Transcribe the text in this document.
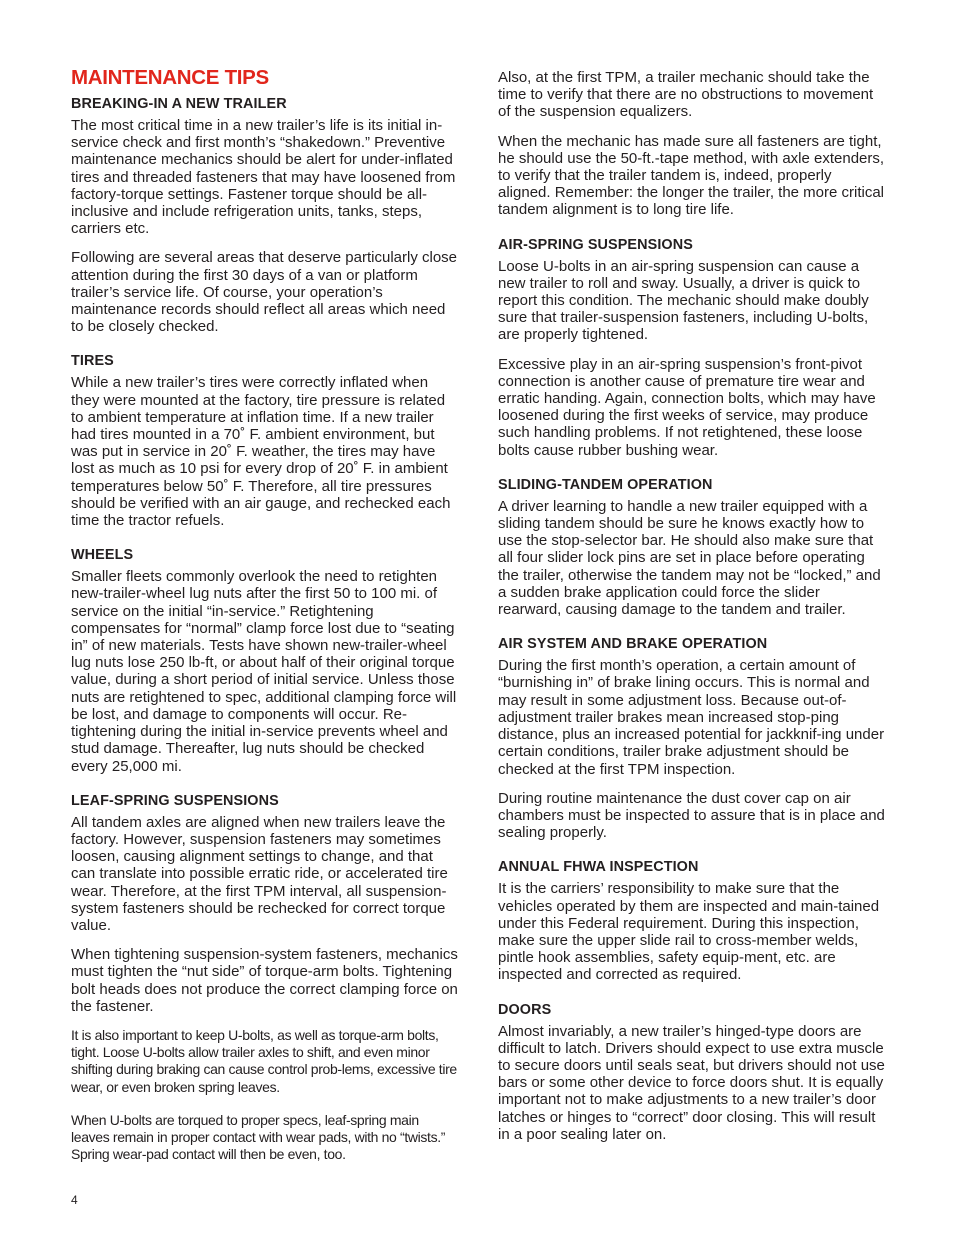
MAINTENANCE TIPS
BREAKING-IN A NEW TRAILER

The most critical time in a new trailer’s life is its initial in-service check and first month’s “shakedown.” Preventive maintenance mechanics should be alert for under-inflated tires and threaded fasteners that may have loosened from factory-torque settings. Fastener torque should be all-inclusive and include refrigeration units, tanks, steps, carriers etc.

Following are several areas that deserve particularly close attention during the first 30 days of a van or platform trailer’s service life. Of course, your operation’s maintenance records should reflect all areas which need to be closely checked.

TIRES

While a new trailer’s tires were correctly inflated when they were mounted at the factory, tire pressure is related to ambient temperature at inflation time. If a new trailer had tires mounted in a 70˚ F. ambient environment, but was put in service in 20˚ F. weather, the tires may have lost as much as 10 psi for every drop of 20˚ F. in ambient temperatures below 50˚ F. Therefore, all tire pressures should be verified with an air gauge, and rechecked each time the tractor refuels.

WHEELS

Smaller fleets commonly overlook the need to retighten new-trailer-wheel lug nuts after the first 50 to 100 mi. of service on the initial “in-service.” Retightening compensates for “normal” clamp force lost due to “seating in” of new materials. Tests have shown new-trailer-wheel lug nuts lose 250 lb-ft, or about half of their original torque value, during a short period of initial service. Unless those nuts are retightened to spec, additional clamping force will be lost, and damage to components will occur. Re-tightening during the initial in-service prevents wheel and stud damage. Thereafter, lug nuts should be checked every 25,000 mi.

LEAF-SPRING SUSPENSIONS

All tandem axles are aligned when new trailers leave the factory. However, suspension fasteners may sometimes loosen, causing alignment settings to change, and that can translate into possible erratic ride, or accelerated tire wear. Therefore, at the first TPM interval, all suspension-system fasteners should be rechecked for correct torque value.

When tightening suspension-system fasteners, mechanics must tighten the “nut side” of torque-arm bolts. Tightening bolt heads does not produce the correct clamping force on the fastener.

It is also important to keep U-bolts, as well as torque-arm bolts, tight. Loose U-bolts allow trailer axles to shift, and even minor shifting during braking can cause control prob-lems, excessive tire wear, or even broken spring leaves.

When U-bolts are torqued to proper specs, leaf-spring main leaves remain in proper contact with wear pads, with no “twists.” Spring wear-pad contact will then be even, too.

Also, at the first TPM, a trailer mechanic should take the time to verify that there are no obstructions to movement of the suspension equalizers.

When the mechanic has made sure all fasteners are tight, he should use the 50-ft.-tape method, with axle extenders, to verify that the trailer tandem is, indeed, properly aligned. Remember: the longer the trailer, the more critical tandem alignment is to long tire life.

AIR-SPRING SUSPENSIONS

Loose U-bolts in an air-spring suspension can cause a new trailer to roll and sway. Usually, a driver is quick to report this condition. The mechanic should make doubly sure that trailer-suspension fasteners, including U-bolts, are properly tightened.

Excessive play in an air-spring suspension’s front-pivot connection is another cause of premature tire wear and erratic handing. Again, connection bolts, which may have loosened during the first weeks of service, may produce such handling problems. If not retightened, these loose bolts cause rubber bushing wear.

SLIDING-TANDEM OPERATION

A driver learning to handle a new trailer equipped with a sliding tandem should be sure he knows exactly how to use the stop-selector bar. He should also make sure that all four slider lock pins are set in place before operating the trailer, otherwise the tandem may not be “locked,” and a sudden brake application could force the slider rearward, causing damage to the tandem and trailer.

AIR SYSTEM AND BRAKE OPERATION

During the first month’s operation, a certain amount of “burnishing in” of brake lining occurs. This is normal and may result in some adjustment loss. Because out-of-adjustment trailer brakes mean increased stop-ping distance, plus an increased potential for jackknif-ing under certain conditions, trailer brake adjustment should be checked at the first TPM inspection.

During routine maintenance the dust cover cap on air chambers must be inspected to assure that is in place and sealing properly.

ANNUAL FHWA INSPECTION

It is the carriers’ responsibility to make sure that the vehicles operated by them are inspected and main-tained under this Federal requirement. During this inspection, make sure the upper slide rail to cross-member welds, pintle hook assemblies, safety equip-ment, etc. are inspected and corrected as required.

DOORS

Almost invariably, a new trailer’s hinged-type doors are difficult to latch. Drivers should expect to use extra muscle to secure doors until seals seat, but drivers should not use bars or some other device to force doors shut. It is equally important not to make adjustments to a new trailer’s door latches or hinges to “correct” door closing. This will result in a poor sealing later on.

4
